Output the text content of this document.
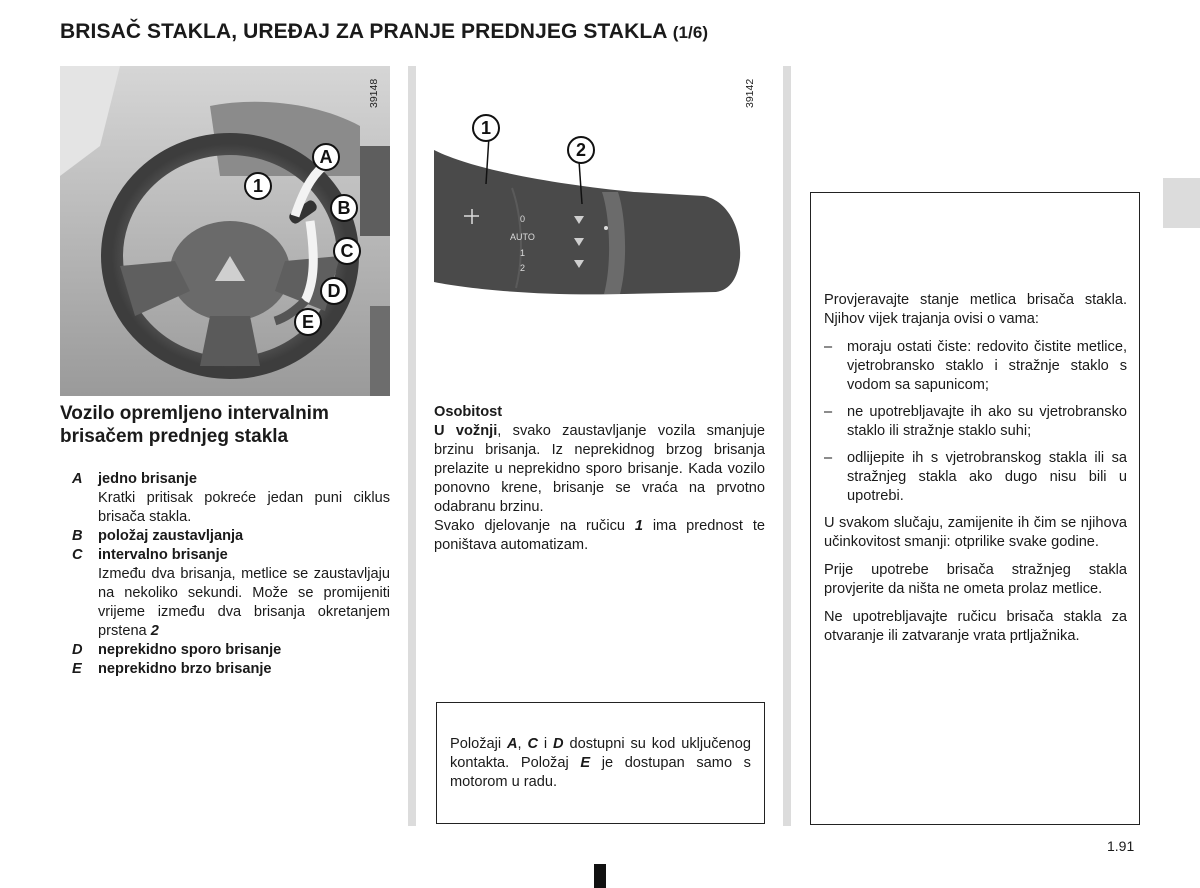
BRISAČ STAKLA, UREĐAJ ZA PRANJE PREDNJEG STAKLA (1/6)
A
B
C
D
E
1
39148
AUTO
0
1
2
1
2
39142
Vozilo opremljeno intervalnim
brisačem prednjeg stakla
A	jedno brisanje
Kratki pritisak pokreće jedan puni ciklus brisača stakla.
B	položaj zaustavljanja
C	intervalno brisanje
Između dva brisanja, metlice se zaustavljaju na nekoliko sekundi. Može se promijeniti vrijeme između dva brisanja okretanjem prstena 2
D	neprekidno sporo brisanje
E	neprekidno brzo brisanje
Osobitost
U vožnji, svako zaustavljanje vozila smanjuje brzinu brisanja. Iz neprekidnog brzog brisanja prelazite u neprekidno sporo brisanje. Kada vozilo ponovno krene, brisanje se vraća na prvotno odabranu brzinu.
Svako djelovanje na ručicu 1 ima prednost te poništava automatizam.
Položaji A, C i D dostupni su kod uključenog kontakta. Položaj E je dostupan samo s motorom u radu.

Provjeravajte stanje metlica brisača stakla. Njihov vijek trajanja ovisi o vama:

–	moraju ostati čiste: redovito čistite metlice, vjetrobransko staklo i stražnje staklo s vodom sa sapunicom;
–	ne upotrebljavajte ih ako su vjetrobransko staklo ili stražnje staklo suhi;
–	odlijepite ih s vjetrobranskog stakla ili sa stražnjeg stakla ako dugo nisu bili u upotrebi.

U svakom slučaju, zamijenite ih čim se njihova učinkovitost smanji: otprilike svake godine.

Prije upotrebe brisača stražnjeg stakla provjerite da ništa ne ometa prolaz metlice.

Ne upotrebljavajte ručicu brisača stakla za otvaranje ili zatvaranje vrata prtljažnika.

1.91
